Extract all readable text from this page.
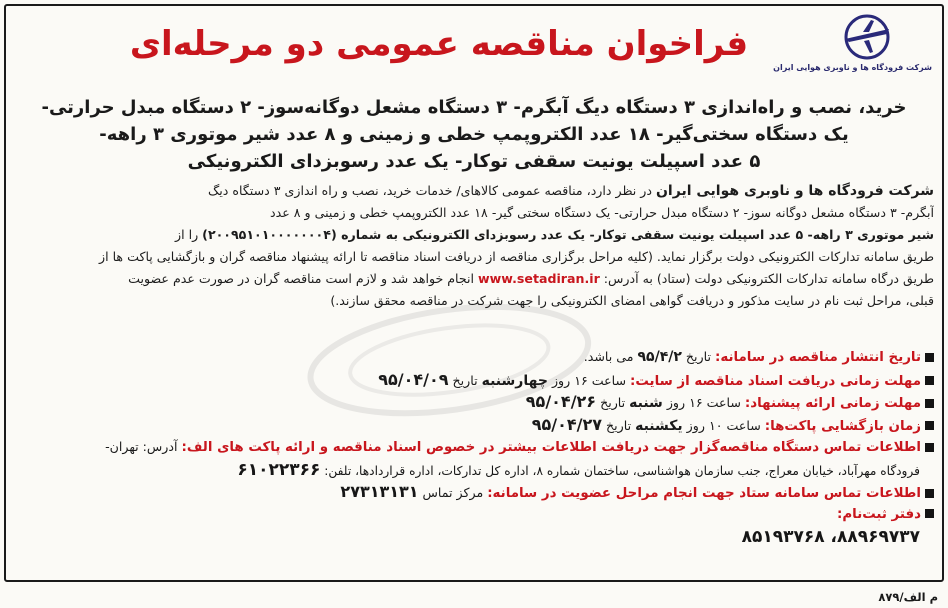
شرکت فرودگاه ها و ناوبری هوایی ایران
فراخوان مناقصه عمومی دو مرحله‌ای
خرید، نصب و راه‌اندازی ۳ دستگاه دیگ آبگرم- ۳ دستگاه مشعل دوگانه‌سوز- ۲ دستگاه مبدل حرارتی-
یک دستگاه سختی‌گیر- ۱۸ عدد الکتروپمپ خطی و زمینی و ۸ عدد شیر موتوری ۳ راهه-
۵ عدد اسپیلت یونیت سقفی توکار- یک عدد رسوبزدای الکترونیکی
شرکت فرودگاه ها و ناوبری هوایی ایران در نظر دارد، مناقصه عمومی کالاهای/ خدمات خرید، نصب و راه اندازی ۳ دستگاه دیگ
آبگرم- ۳ دستگاه مشعل دوگانه سوز- ۲ دستگاه مبدل حرارتی- یک دستگاه سختی گیر- ۱۸ عدد الکتروپمپ خطی و زمینی و ۸ عدد
شیر موتوری ۳ راهه- ۵ عدد اسپیلت یونیت سقفی توکار- یک عدد رسوبزدای الکترونیکی به شماره (۲۰۰۹۵۱۰۱۰۰۰۰۰۰۰۴) را از
طریق سامانه تدارکات الکترونیکی دولت برگزار نماید. (کلیه مراحل برگزاری مناقصه از دریافت اسناد مناقصه تا ارائه پیشنهاد مناقصه گران و بازگشایی پاکت ها از
طریق درگاه سامانه تدارکات الکترونیکی دولت (ستاد) به آدرس: www.setadiran.ir انجام خواهد شد و لازم است مناقصه گران در صورت عدم عضویت
قبلی، مراحل ثبت نام در سایت مذکور و دریافت گواهی امضای الکترونیکی را جهت شرکت در مناقصه محقق سازند.)
تاریخ انتشار مناقصه در سامانه: تاریخ ۹۵/۴/۲ می باشد.
مهلت زمانی دریافت اسناد مناقصه از سایت: ساعت ۱۶ روز چهارشنبه تاریخ ۹۵/۰۴/۰۹
مهلت زمانی ارائه پیشنهاد: ساعت ۱۶ روز شنبه تاریخ ۹۵/۰۴/۲۶
زمان بازگشایی پاکت‌ها: ساعت ۱۰ روز یکشنبه تاریخ ۹۵/۰۴/۲۷
اطلاعات تماس دستگاه مناقصه‌گزار جهت دریافت اطلاعات بیشتر در خصوص اسناد مناقصه و ارائه پاکت های الف: آدرس: تهران-
فرودگاه مهرآباد، خیابان معراج، جنب سازمان هواشناسی، ساختمان شماره ۸، اداره کل تدارکات، اداره قراردادها، تلفن: ۶۱۰۲۲۳۶۶
اطلاعات تماس سامانه ستاد جهت انجام مراحل عضویت در سامانه: مرکز تماس ۲۷۳۱۳۱۳۱
دفتر ثبت‌نام:
۸۸۹۶۹۷۳۷، ۸۵۱۹۳۷۶۸
م الف/۸۷۹
